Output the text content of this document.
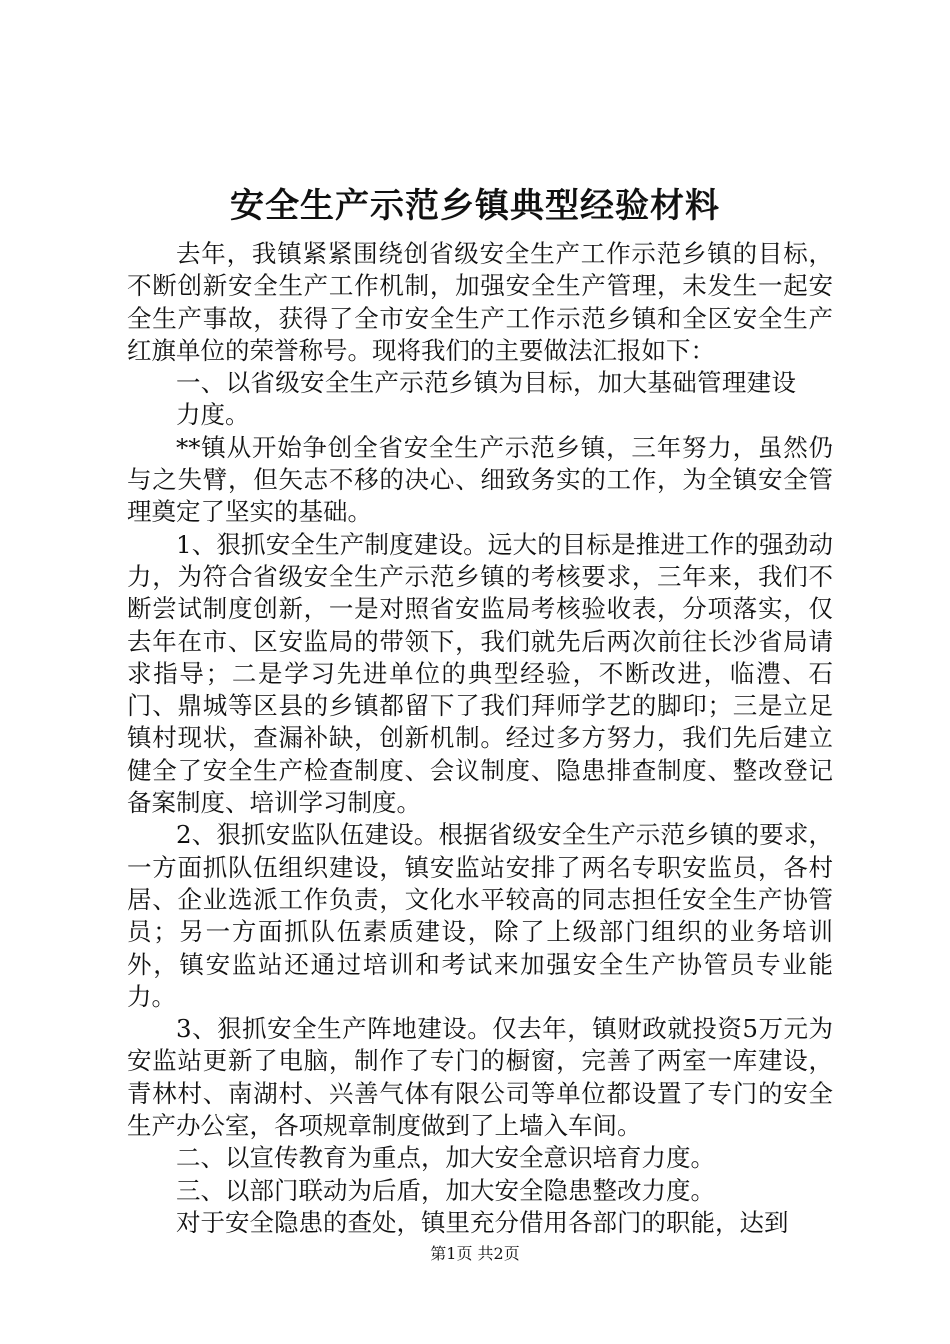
安全生产示范乡镇典型经验材料

去年，我镇紧紧围绕创省级安全生产工作示范乡镇的目标，不断创新安全生产工作机制，加强安全生产管理，未发生一起安全生产事故，获得了全市安全生产工作示范乡镇和全区安全生产红旗单位的荣誉称号。现将我们的主要做法汇报如下：

一、以省级安全生产示范乡镇为目标，加大基础管理建设力度。

**镇从开始争创全省安全生产示范乡镇，三年努力，虽然仍与之失臂，但矢志不移的决心、细致务实的工作，为全镇安全管理奠定了坚实的基础。

1、狠抓安全生产制度建设。远大的目标是推进工作的强劲动力，为符合省级安全生产示范乡镇的考核要求，三年来，我们不断尝试制度创新，一是对照省安监局考核验收表，分项落实，仅去年在市、区安监局的带领下，我们就先后两次前往长沙省局请求指导；二是学习先进单位的典型经验，不断改进，临澧、石门、鼎城等区县的乡镇都留下了我们拜师学艺的脚印；三是立足镇村现状，查漏补缺，创新机制。经过多方努力，我们先后建立健全了安全生产检查制度、会议制度、隐患排查制度、整改登记备案制度、培训学习制度。

2、狠抓安监队伍建设。根据省级安全生产示范乡镇的要求，一方面抓队伍组织建设，镇安监站安排了两名专职安监员，各村居、企业选派工作负责，文化水平较高的同志担任安全生产协管员；另一方面抓队伍素质建设，除了上级部门组织的业务培训外，镇安监站还通过培训和考试来加强安全生产协管员专业能力。

3、狠抓安全生产阵地建设。仅去年，镇财政就投资5万元为安监站更新了电脑，制作了专门的橱窗，完善了两室一库建设，青林村、南湖村、兴善气体有限公司等单位都设置了专门的安全生产办公室，各项规章制度做到了上墙入车间。

二、以宣传教育为重点，加大安全意识培育力度。

三、以部门联动为后盾，加大安全隐患整改力度。

对于安全隐患的查处，镇里充分借用各部门的职能，达到

第1页 共2页
